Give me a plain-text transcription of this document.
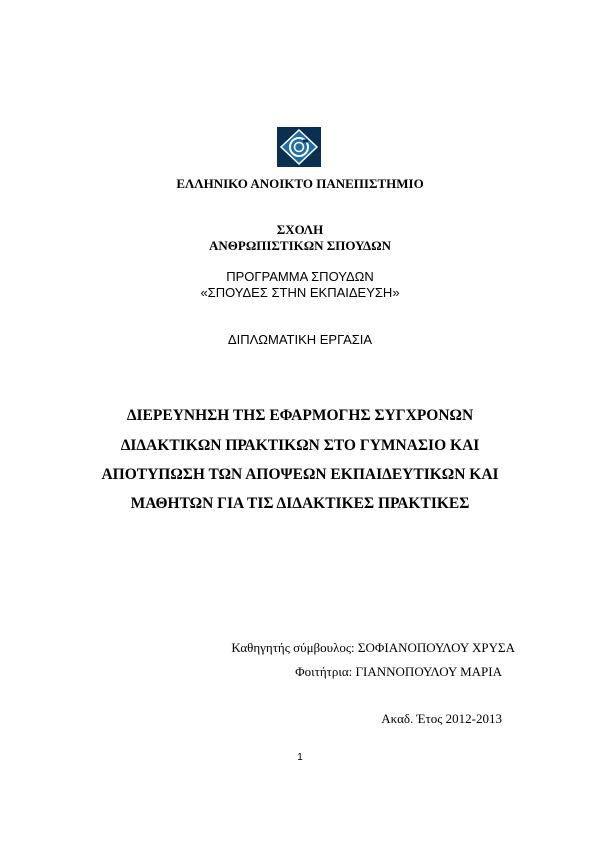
ΕΛΛΗΝΙΚΟ ΑΝΟΙΚΤΟ ΠΑΝΕΠΙΣΤΗΜΙΟ
ΣΧΟΛΗ
ΑΝΘΡΩΠΙΣΤΙΚΩΝ ΣΠΟΥΔΩΝ
ΠΡΟΓΡΑΜΜΑ ΣΠΟΥΔΩΝ
«ΣΠΟΥΔΕΣ ΣΤΗΝ ΕΚΠΑΙΔΕΥΣΗ»
ΔΙΠΛΩΜΑΤΙΚΗ ΕΡΓΑΣΙΑ
ΔΙΕΡΕΥΝΗΣΗ ΤΗΣ ΕΦΑΡΜΟΓΗΣ ΣΥΓΧΡΟΝΩΝ
ΔΙΔΑΚΤΙΚΩΝ ΠΡΑΚΤΙΚΩΝ ΣΤΟ ΓΥΜΝΑΣΙΟ ΚΑΙ
ΑΠΟΤΥΠΩΣΗ ΤΩΝ ΑΠΟΨΕΩΝ ΕΚΠΑΙΔΕΥΤΙΚΩΝ ΚΑΙ
ΜΑΘΗΤΩΝ ΓΙΑ ΤΙΣ ΔΙΔΑΚΤΙΚΕΣ ΠΡΑΚΤΙΚΕΣ
Καθηγητής σύμβουλος: ΣΟΦΙΑΝΟΠΟΥΛΟΥ ΧΡΥΣΑ
Φοιτήτρια: ΓΙΑΝΝΟΠΟΥΛΟΥ ΜΑΡΙΑ
Ακαδ. Έτος 2012-2013
1
